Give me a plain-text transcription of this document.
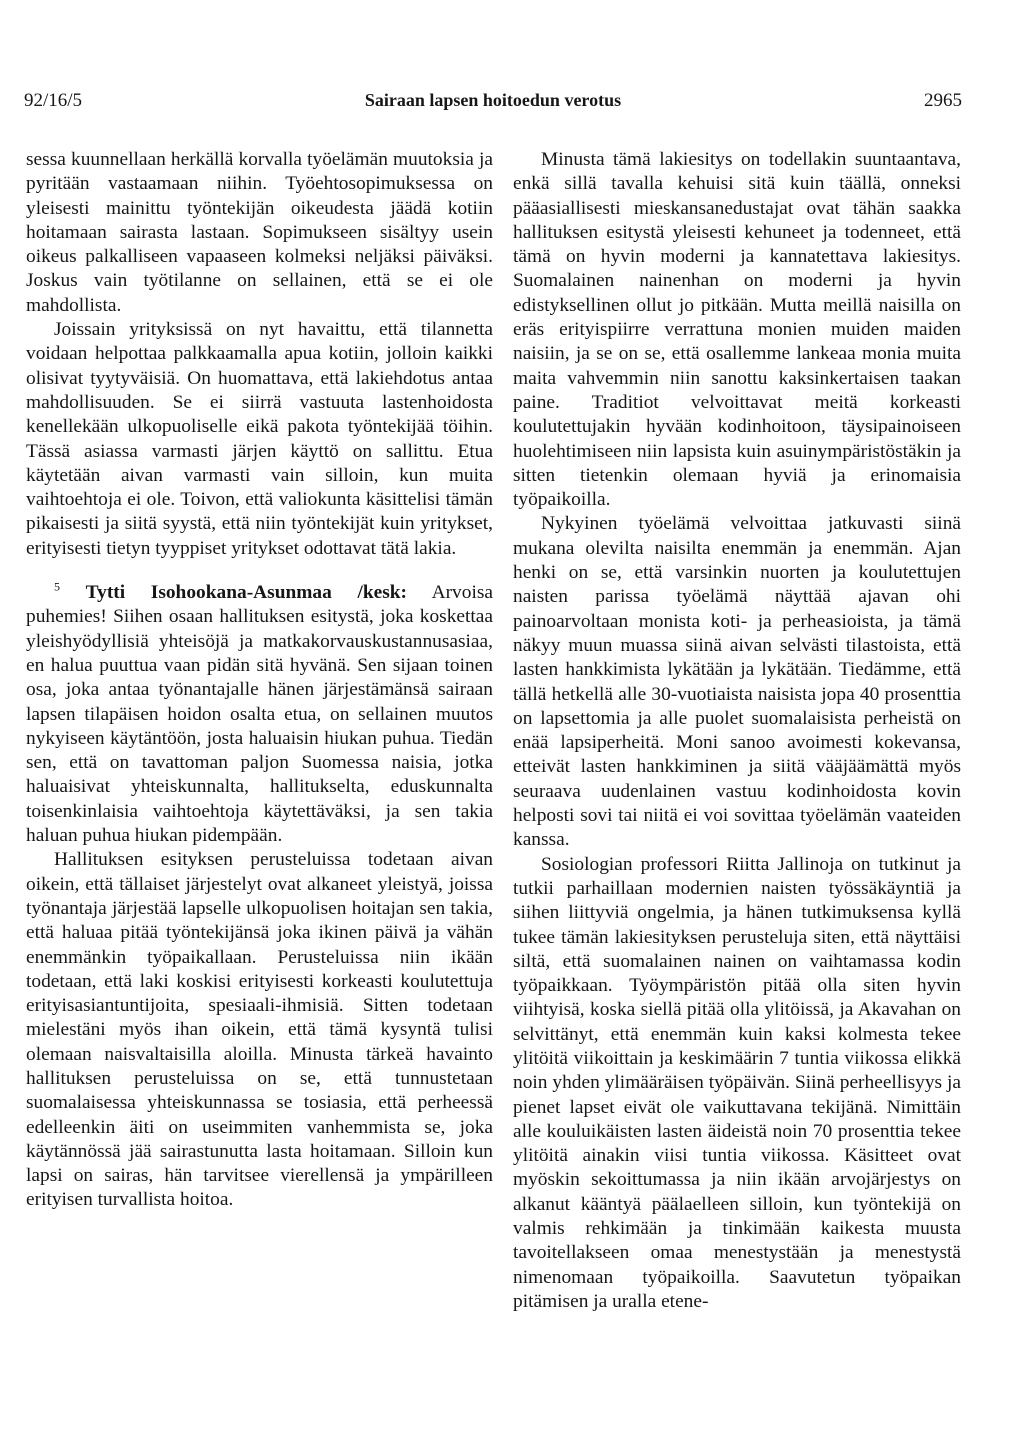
92/16/5	Sairaan lapsen hoitoedun verotus	2965

sessa kuunnellaan herkällä korvalla työelämän muutoksia ja pyritään vastaamaan niihin. Työehtosopimuksessa on yleisesti mainittu työntekijän oikeudesta jäädä kotiin hoitamaan sairasta lastaan. Sopimukseen sisältyy usein oikeus palkalliseen vapaaseen kolmeksi neljäksi päiväksi. Joskus vain työtilanne on sellainen, että se ei ole mahdollista.

Joissain yrityksissä on nyt havaittu, että tilannetta voidaan helpottaa palkkaamalla apua kotiin, jolloin kaikki olisivat tyytyväisiä. On huomattava, että lakiehdotus antaa mahdollisuuden. Se ei siirrä vastuuta lastenhoidosta kenellekään ulkopuoliselle eikä pakota työntekijää töihin. Tässä asiassa varmasti järjen käyttö on sallittu. Etua käytetään aivan varmasti vain silloin, kun muita vaihtoehtoja ei ole. Toivon, että valiokunta käsittelisi tämän pikaisesti ja siitä syystä, että niin työntekijät kuin yritykset, erityisesti tietyn tyyppiset yritykset odottavat tätä lakia.

$^5$ Tytti Isohookana-Asunmaa /kesk: Arvoisa puhemies! Siihen osaan hallituksen esitystä, joka koskettaa yleishyödyllisiä yhteisöjä ja matkakorvauskustannusasiaa, en halua puuttua vaan pidän sitä hyvänä. Sen sijaan toinen osa, joka antaa työnantajalle hänen järjestämänsä sairaan lapsen tilapäisen hoidon osalta etua, on sellainen muutos nykyiseen käytäntöön, josta haluaisin hiukan puhua. Tiedän sen, että on tavattoman paljon Suomessa naisia, jotka haluaisivat yhteiskunnalta, hallitukselta, eduskunnalta toisenkinlaisia vaihtoehtoja käytettäväksi, ja sen takia haluan puhua hiukan pidempään.

Hallituksen esityksen perusteluissa todetaan aivan oikein, että tällaiset järjestelyt ovat alkaneet yleistyä, joissa työnantaja järjestää lapselle ulkopuolisen hoitajan sen takia, että haluaa pitää työntekijänsä joka ikinen päivä ja vähän enemmänkin työpaikallaan. Perusteluissa niin ikään todetaan, että laki koskisi erityisesti korkeasti koulutettuja erityisasiantuntijoita, spesiaali-ihmisiä. Sitten todetaan mielestäni myös ihan oikein, että tämä kysyntä tulisi olemaan naisvaltaisilla aloilla. Minusta tärkeä havainto hallituksen perusteluissa on se, että tunnustetaan suomalaisessa yhteiskunnassa se tosiasia, että perheessä edelleenkin äiti on useimmiten vanhemmista se, joka käytännössä jää sairastunutta lasta hoitamaan. Silloin kun lapsi on sairas, hän tarvitsee vierellensä ja ympärilleen erityisen turvallista hoitoa.

Minusta tämä lakiesitys on todellakin suuntaantava, enkä sillä tavalla kehuisi sitä kuin täällä, onneksi pääasiallisesti mieskansanedustajat ovat tähän saakka hallituksen esitystä yleisesti kehuneet ja todenneet, että tämä on hyvin moderni ja kannatettava lakiesitys. Suomalainen nainenhan on moderni ja hyvin edistyksellinen ollut jo pitkään. Mutta meillä naisilla on eräs erityispiirre verrattuna monien muiden maiden naisiin, ja se on se, että osallemme lankeaa monia muita maita vahvemmin niin sanottu kaksinkertaisen taakan paine. Traditiot velvoittavat meitä korkeasti koulutettujakin hyvään kodinhoitoon, täysipainoiseen huolehtimiseen niin lapsista kuin asuinympäristöstäkin ja sitten tietenkin olemaan hyviä ja erinomaisia työpaikoilla.

Nykyinen työelämä velvoittaa jatkuvasti siinä mukana olevilta naisilta enemmän ja enemmän. Ajan henki on se, että varsinkin nuorten ja koulutettujen naisten parissa työelämä näyttää ajavan ohi painoarvoltaan monista koti- ja perheasioista, ja tämä näkyy muun muassa siinä aivan selvästi tilastoista, että lasten hankkimista lykätään ja lykätään. Tiedämme, että tällä hetkellä alle 30-vuotiaista naisista jopa 40 prosenttia on lapsettomia ja alle puolet suomalaisista perheistä on enää lapsiperheitä. Moni sanoo avoimesti kokevansa, etteivät lasten hankkiminen ja siitä vääjäämättä myös seuraava uudenlainen vastuu kodinhoidosta kovin helposti sovi tai niitä ei voi sovittaa työelämän vaateiden kanssa.

Sosiologian professori Riitta Jallinoja on tutkinut ja tutkii parhaillaan modernien naisten työssäkäyntiä ja siihen liittyviä ongelmia, ja hänen tutkimuksensa kyllä tukee tämän lakiesityksen perusteluja siten, että näyttäisi siltä, että suomalainen nainen on vaihtamassa kodin työpaikkaan. Työympäristön pitää olla siten hyvin viihtyisä, koska siellä pitää olla ylitöissä, ja Akavahan on selvittänyt, että enemmän kuin kaksi kolmesta tekee ylitöitä viikoittain ja keskimäärin 7 tuntia viikossa elikkä noin yhden ylimääräisen työpäivän. Siinä perheellisyys ja pienet lapset eivät ole vaikuttavana tekijänä. Nimittäin alle kouluikäisten lasten äideistä noin 70 prosenttia tekee ylitöitä ainakin viisi tuntia viikossa. Käsitteet ovat myöskin sekoittumassa ja niin ikään arvojärjestys on alkanut kääntyä päälaelleen silloin, kun työntekijä on valmis rehkimään ja tinkimään kaikesta muusta tavoitellakseen omaa menestystään ja menestystä nimenomaan työpaikoilla. Saavutetun työpaikan pitämisen ja uralla etene-
